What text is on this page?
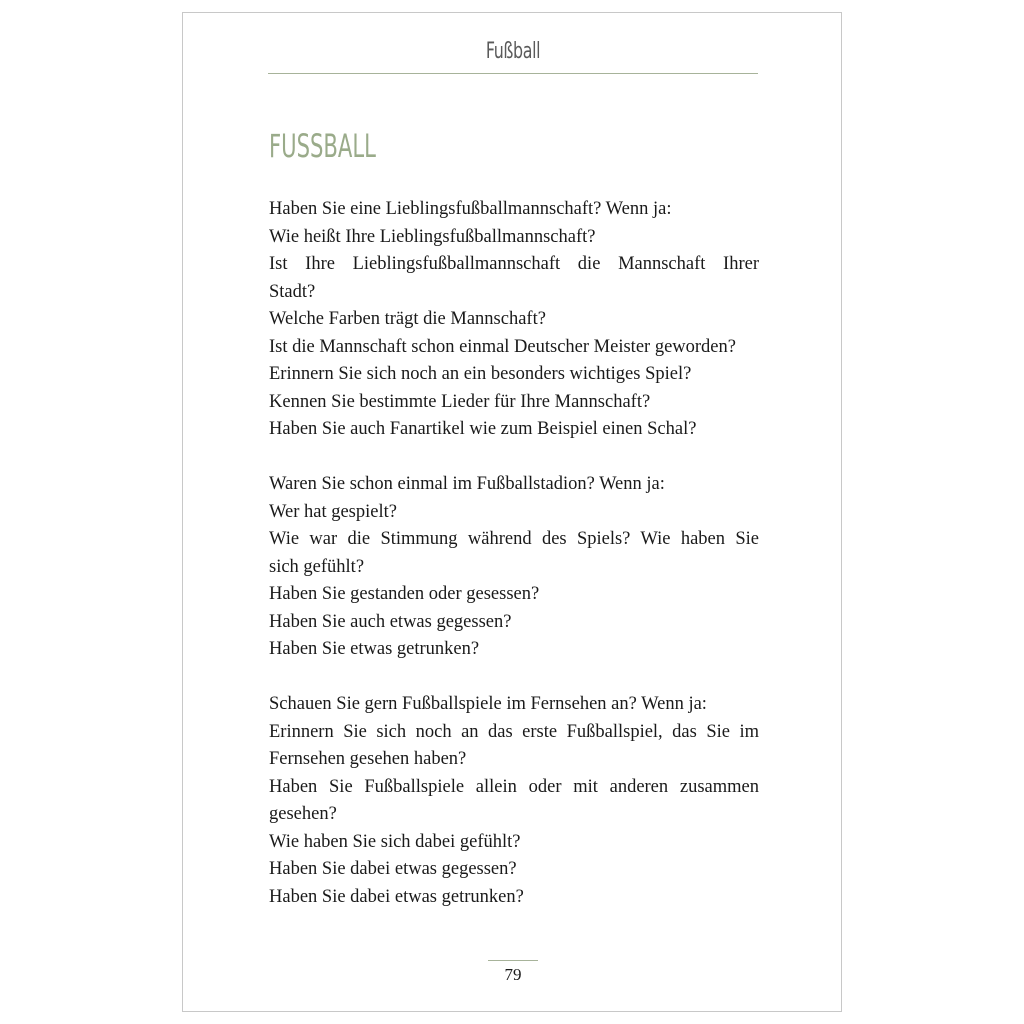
Fußball
FUSSBALL
Haben Sie eine Lieblingsfußballmannschaft? Wenn ja:
Wie heißt Ihre Lieblingsfußballmannschaft?
Ist Ihre Lieblingsfußballmannschaft die Mannschaft Ihrer
Stadt?
Welche Farben trägt die Mannschaft?
Ist die Mannschaft schon einmal Deutscher Meister geworden?
Erinnern Sie sich noch an ein besonders wichtiges Spiel?
Kennen Sie bestimmte Lieder für Ihre Mannschaft?
Haben Sie auch Fanartikel wie zum Beispiel einen Schal?
Waren Sie schon einmal im Fußballstadion? Wenn ja:
Wer hat gespielt?
Wie war die Stimmung während des Spiels? Wie haben Sie
sich gefühlt?
Haben Sie gestanden oder gesessen?
Haben Sie auch etwas gegessen?
Haben Sie etwas getrunken?
Schauen Sie gern Fußballspiele im Fernsehen an? Wenn ja:
Erinnern Sie sich noch an das erste Fußballspiel, das Sie im
Fernsehen gesehen haben?
Haben Sie Fußballspiele allein oder mit anderen zusammen
gesehen?
Wie haben Sie sich dabei gefühlt?
Haben Sie dabei etwas gegessen?
Haben Sie dabei etwas getrunken?
79
